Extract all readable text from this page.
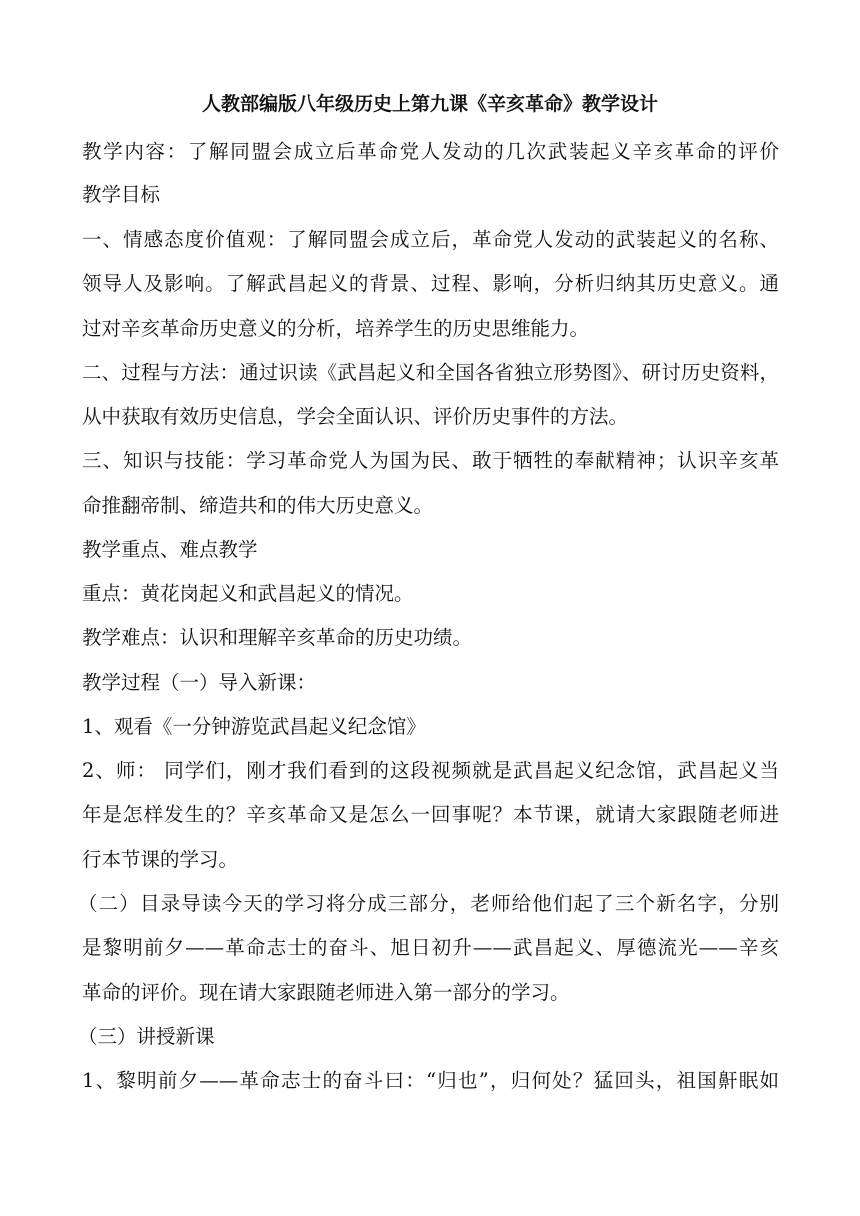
人教部编版八年级历史上第九课《辛亥革命》教学设计
教学内容：了解同盟会成立后革命党人发动的几次武装起义辛亥革命的评价
教学目标
一、情感态度价值观：了解同盟会成立后，革命党人发动的武装起义的名称、
领导人及影响。了解武昌起义的背景、过程、影响，分析归纳其历史意义。通
过对辛亥革命历史意义的分析，培养学生的历史思维能力。
二、过程与方法：通过识读《武昌起义和全国各省独立形势图》、研讨历史资料，
从中获取有效历史信息，学会全面认识、评价历史事件的方法。
三、知识与技能：学习革命党人为国为民、敢于牺牲的奉献精神；认识辛亥革
命推翻帝制、缔造共和的伟大历史意义。
教学重点、难点教学
重点：黄花岗起义和武昌起义的情况。
教学难点：认识和理解辛亥革命的历史功绩。
教学过程（一）导入新课：
1、观看《一分钟游览武昌起义纪念馆》
2、师： 同学们，刚才我们看到的这段视频就是武昌起义纪念馆，武昌起义当
年是怎样发生的？辛亥革命又是怎么一回事呢？本节课，就请大家跟随老师进
行本节课的学习。
（二）目录导读今天的学习将分成三部分，老师给他们起了三个新名字，分别
是黎明前夕——革命志士的奋斗、旭日初升——武昌起义、厚德流光——辛亥
革命的评价。现在请大家跟随老师进入第一部分的学习。
（三）讲授新课
1、黎明前夕——革命志士的奋斗曰：“归也”，归何处？猛回头，祖国鼾眠如
